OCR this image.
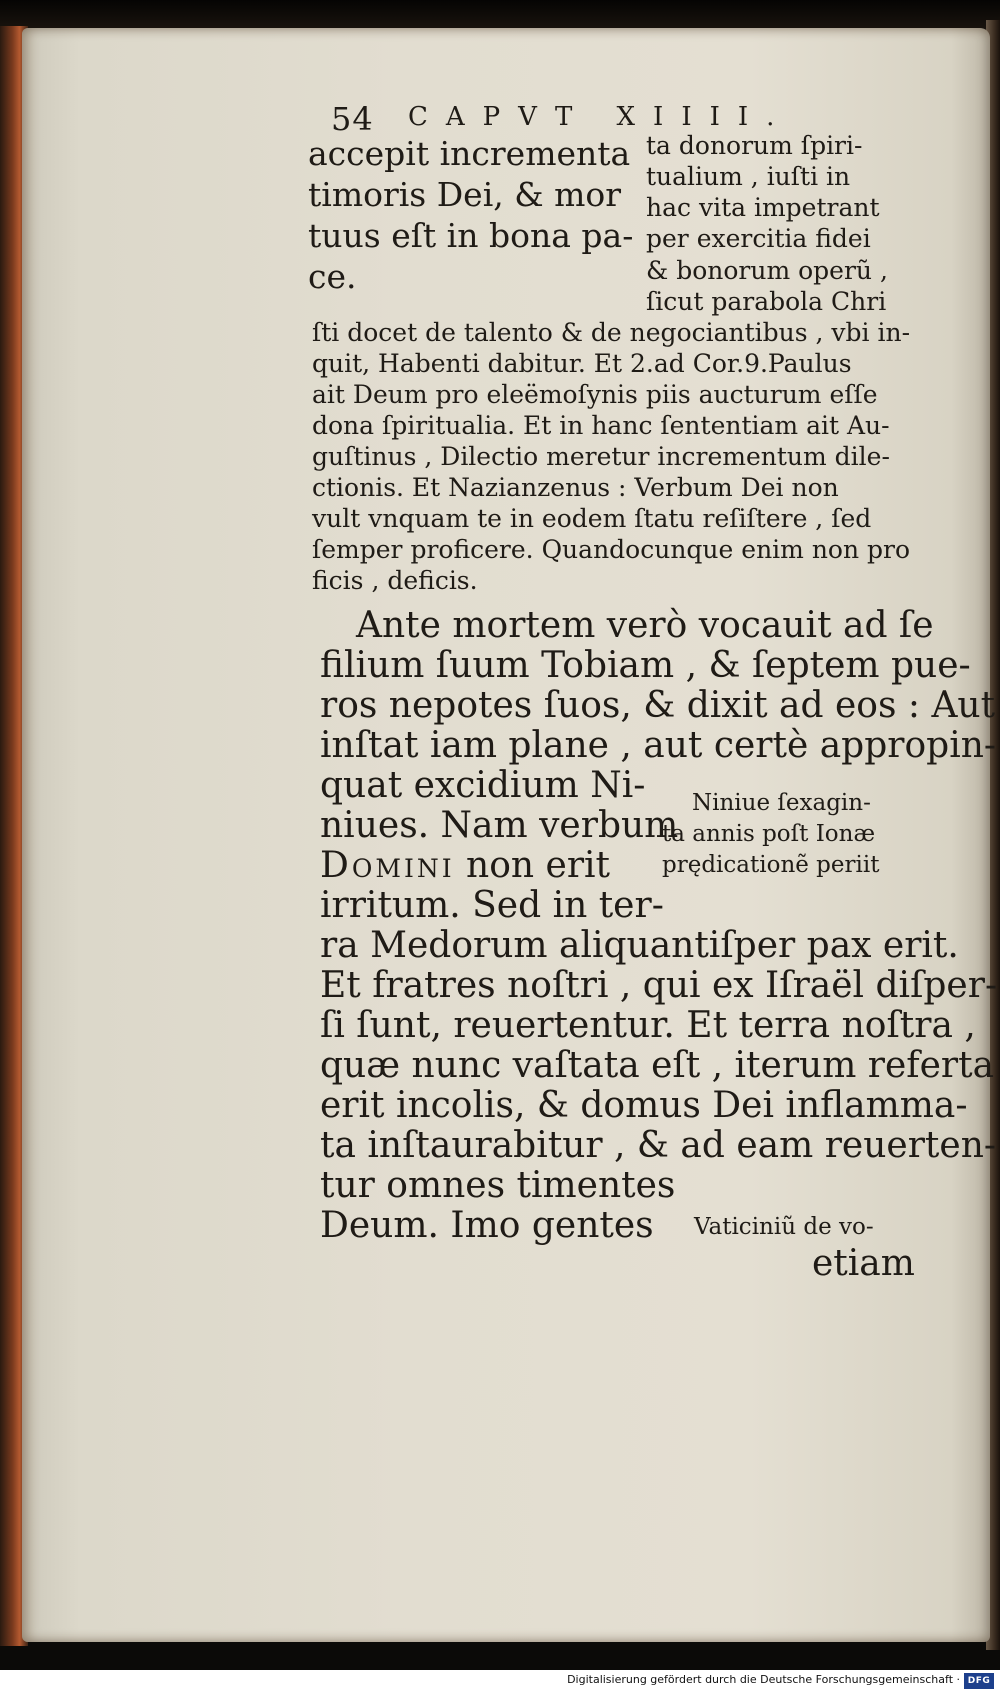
54 CAPVT XIIII.
accepit incrementa
timoris Dei, & mor
tuus eſt in bona pa-
ce.
ta donorum ſpiri-
tualium , iuſti in
hac vita impetrant
per exercitia fidei
& bonorum operũ ,
ſicut parabola Chri
ſti docet de talento & de negociantibus , vbi in-
quit, Habenti dabitur. Et 2.ad Cor.9.Paulus
ait Deum pro eleëmoſynis piis aucturum eſſe
dona ſpiritualia. Et in hanc ſententiam ait Au-
guſtinus , Dilectio meretur incrementum dile-
ctionis. Et Nazianzenus : Verbum Dei non
vult vnquam te in eodem ſtatu reſiſtere , ſed
ſemper proficere. Quandocunque enim non pro
ficis , deficis.
Ante mortem verò vocauit ad ſe
filium ſuum Tobiam , & ſeptem pue-
ros nepotes ſuos, & dixit ad eos : Aut
inſtat iam plane , aut certè appropin-
quat excidium Ni-
niues. Nam verbum
Domini non erit
irritum. Sed in ter-
Niniue ſexagin-
ta annis poſt Ionæ
prędicationẽ periit
ra Medorum aliquantiſper pax erit.
Et fratres noſtri , qui ex Iſraël diſper-
ſi ſunt, reuertentur. Et terra noſtra ,
quæ nunc vaſtata eſt , iterum referta
erit incolis, & domus Dei inflamma-
ta inſtaurabitur , & ad eam reuerten-
tur omnes timentes
Deum. Imo gentes Vaticiniũ de vo-
etiam
Digitalisierung gefördert durch die Deutsche Forschungsgemeinschaft · DFG
